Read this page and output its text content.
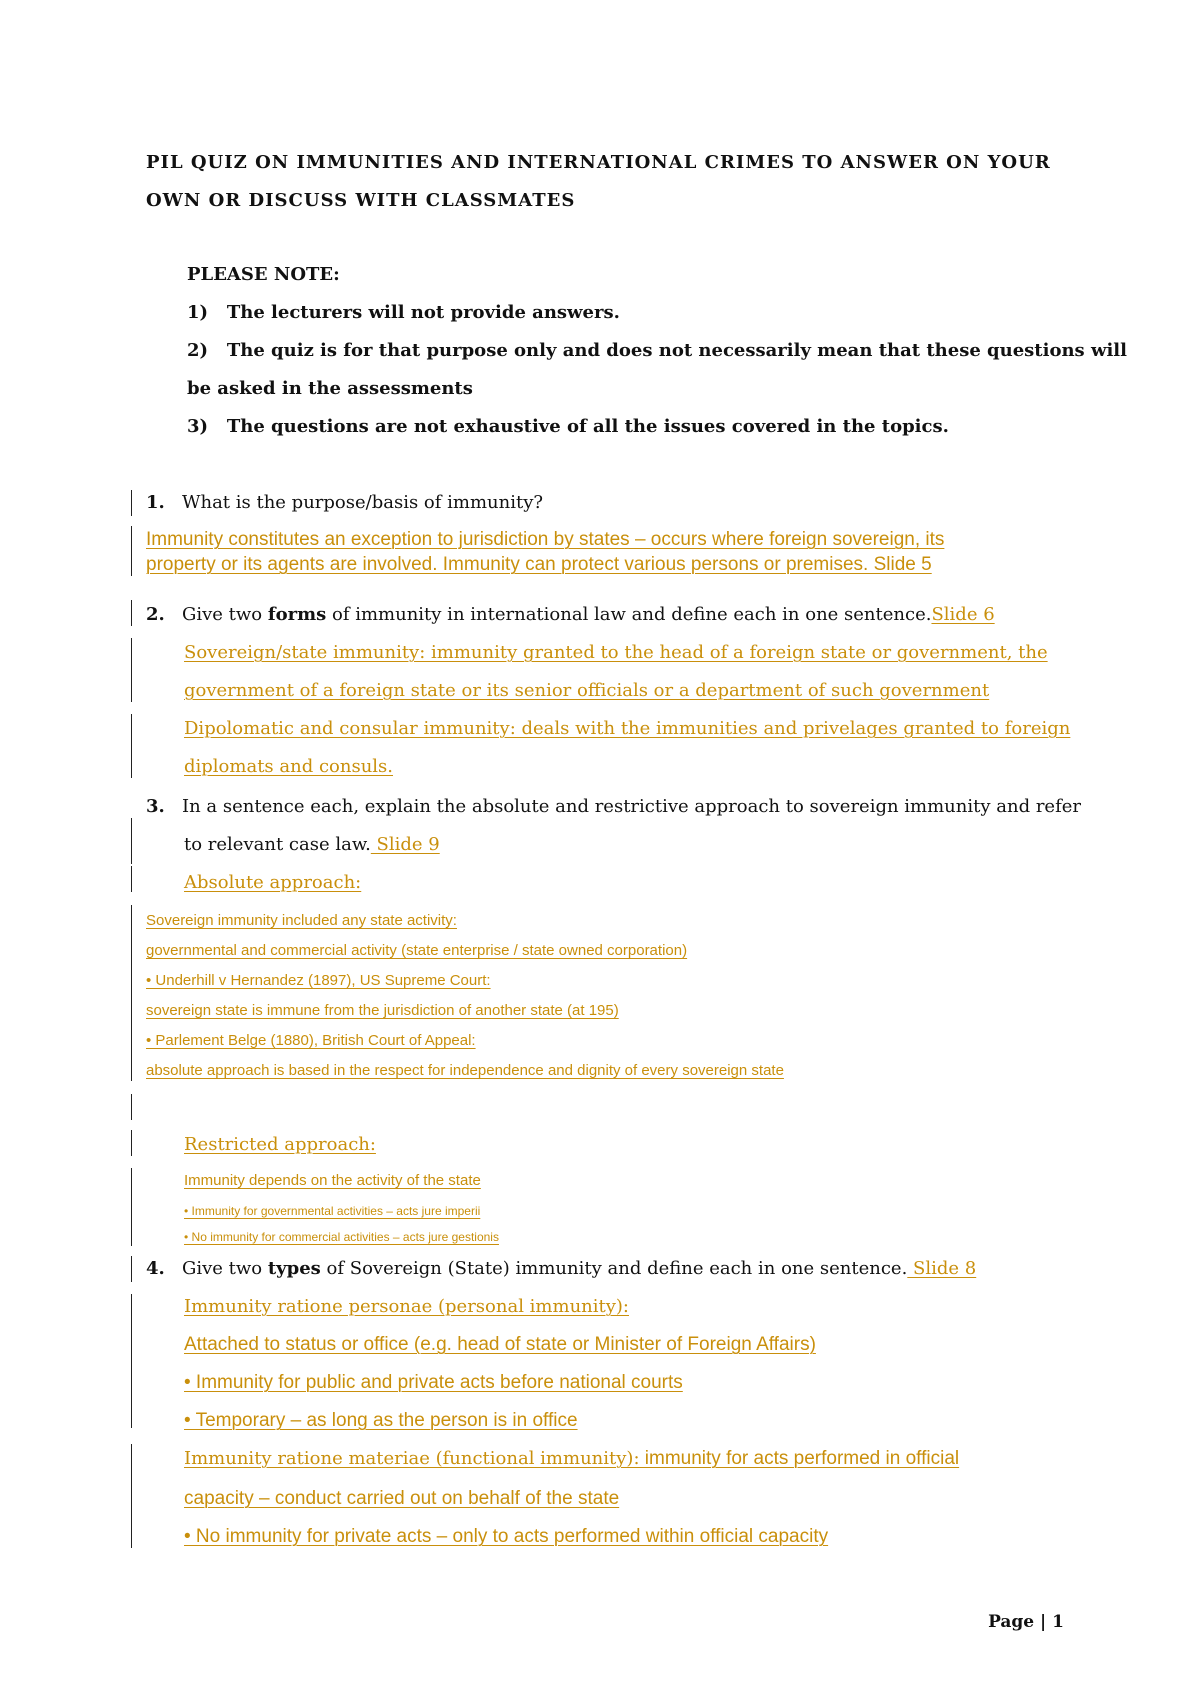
PIL QUIZ ON IMMUNITIES AND INTERNATIONAL CRIMES TO ANSWER ON YOUR
OWN OR DISCUSS WITH CLASSMATES
PLEASE NOTE:
1) The lecturers will not provide answers.
2) The quiz is for that purpose only and does not necessarily mean that these questions will
be asked in the assessments
3) The questions are not exhaustive of all the issues covered in the topics.
1. What is the purpose/basis of immunity?
Immunity constitutes an exception to jurisdiction by states – occurs where foreign sovereign, its
property or its agents are involved. Immunity can protect various persons or premises. Slide 5
2. Give two forms of immunity in international law and define each in one sentence.Slide 6
Sovereign/state immunity: immunity granted to the head of a foreign state or government, the
government of a foreign state or its senior officials or a department of such government
Dipolomatic and consular immunity: deals with the immunities and privelages granted to foreign
diplomats and consuls.
3. In a sentence each, explain the absolute and restrictive approach to sovereign immunity and refer
to relevant case law. Slide 9
Absolute approach:
Sovereign immunity included any state activity:
governmental and commercial activity (state enterprise / state owned corporation)
• Underhill v Hernandez (1897), US Supreme Court:
sovereign state is immune from the jurisdiction of another state (at 195)
• Parlement Belge (1880), British Court of Appeal:
absolute approach is based in the respect for independence and dignity of every sovereign state
Restricted approach:
Immunity depends on the activity of the state
• Immunity for governmental activities – acts jure imperii
• No immunity for commercial activities – acts jure gestionis
4. Give two types of Sovereign (State) immunity and define each in one sentence. Slide 8
Immunity ratione personae (personal immunity):
Attached to status or office (e.g. head of state or Minister of Foreign Affairs)
• Immunity for public and private acts before national courts
• Temporary – as long as the person is in office
Immunity ratione materiae (functional immunity): immunity for acts performed in official
capacity – conduct carried out on behalf of the state
• No immunity for private acts – only to acts performed within official capacity
Page | 1
